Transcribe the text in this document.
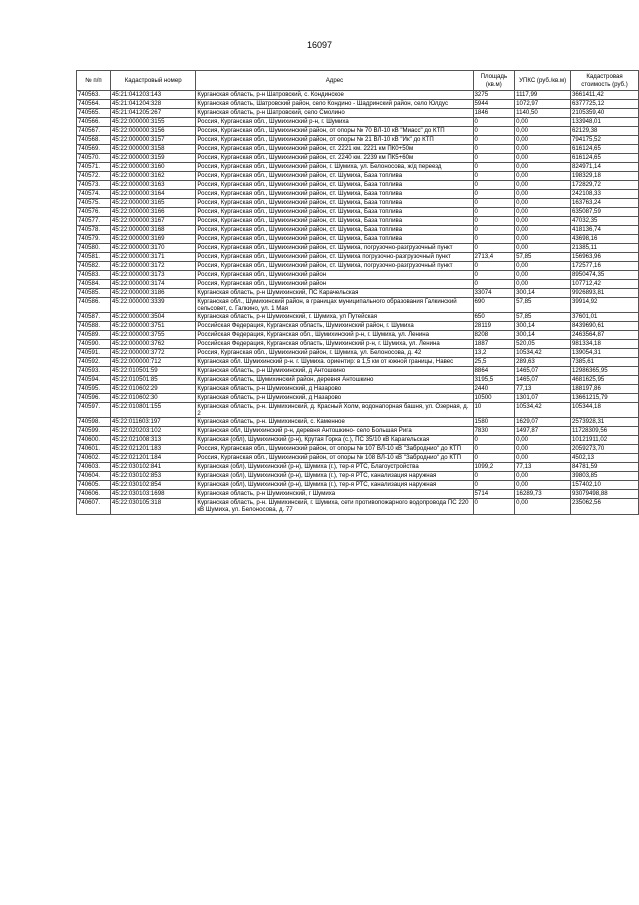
16097
№ п/п	Кадастровый номер	Адрес	Площадь (кв.м)	УПКС (руб./кв.м)	Кадастровая стоимость (руб.)
740563.	45:21:041203:143	Курганская область, р-н Шатровский, с. Кондинское	3275	1117,99	3661411,42
740564.	45:21:041204:328	Курганская область, Шатровский район, село Кондино - Шадринский район, село Юлдус	5944	1072,97	6377725,12
740565.	45:21:041205:267	Курганская область, р-н Шатровский, село Смолино	1846	1140,50	2105359,40
740566.	45:22:000000:3155	Россия, Курганская обл., Шумихинский р-н, г. Шумиха	0	0,00	133948,01
740567.	45:22:000000:3156	Россия, Курганская обл., Шумихинский район, от опоры № 70 ВЛ-10 кВ "Миасс" до КТП	0	0,00	62129,38
740568.	45:22:000000:3157	Россия, Курганская обл., Шумихинский район, от опоры № 21 ВЛ-10 кВ "Ик" до КТП	0	0,00	794175,52
740569.	45:22:000000:3158	Россия, Курганская обл., Шумихинский район, ст. 2221 км. 2221 км ПК0+50м	0	0,00	616124,65
740570.	45:22:000000:3159	Россия, Курганская обл., Шумихинский район, ст. 2240 км. 2239 км ПК5+60м	0	0,00	616124,65
740571.	45:22:000000:3160	Россия, Курганская обл., Шумихинский район, г. Шумиха, ул. Белоносова, ж/д переезд	0	0,00	824971,14
740572.	45:22:000000:3162	Россия, Курганская обл., Шумихинский район, ст. Шумиха, База топлива	0	0,00	198329,18
740573.	45:22:000000:3163	Россия, Курганская обл., Шумихинский район, ст. Шумиха, База топлива	0	0,00	172829,72
740574.	45:22:000000:3164	Россия, Курганская обл., Шумихинский район, ст. Шумиха, База топлива	0	0,00	242108,33
740575.	45:22:000000:3165	Россия, Курганская обл., Шумихинский район, ст. Шумиха, База топлива	0	0,00	163763,24
740576.	45:22:000000:3166	Россия, Курганская обл., Шумихинский район, ст. Шумиха, База топлива	0	0,00	635087,59
740577.	45:22:000000:3167	Россия, Курганская обл., Шумихинский район, ст. Шумиха, База топлива	0	0,00	47032,35
740578.	45:22:000000:3168	Россия, Курганская обл., Шумихинский район, ст. Шумиха, База топлива	0	0,00	418136,74
740579.	45:22:000000:3169	Россия, Курганская обл., Шумихинский район, ст. Шумиха, База топлива	0	0,00	43698,16
740580.	45:22:000000:3170	Россия, Курганская обл., Шумихинский район, ст. Шумиха, погрузочно-разгрузочный пункт	0	0,00	21385,11
740581.	45:22:000000:3171	Россия, Курганская обл., Шумихинский район, ст. Шумиха погрузочно-разгрузочный пункт	2713,4	57,85	156963,96
740582.	45:22:000000:3172	Россия, Курганская обл., Шумихинский район, ст. Шумиха, погрузочно-разгрузочный пункт	0	0,00	172577,16
740583.	45:22:000000:3173	Россия, Курганская обл., Шумихинский район	0	0,00	8950474,35
740584.	45:22:000000:3174	Россия, Курганская обл., Шумихинский район	0	0,00	107712,42
740585.	45:22:000000:3186	Курганская область, р-н Шумихинский, ПС Карачельская	33074	300,14	9926893,81
740586.	45:22:000000:3339	Курганская обл., Шумихинский район, в границах муниципального образования Галкинский сельсовет, с. Галкино, ул. 1 Мая	690	57,85	39914,92
740587.	45:22:000000:3504	Курганская область, р-н Шумихинский, г. Шумиха, ул Путейская	650	57,85	37601,01
740588.	45:22:000000:3751	Российская Федерация, Курганская область, Шумихинский район, г. Шумиха	28119	300,14	8439690,61
740589.	45:22:000000:3755	Российская Федерация, Курганская обл., Шумихинский р-н, г. Шумиха, ул. Ленина	8208	300,14	2463564,87
740590.	45:22:000000:3762	Российская Федерация, Курганская область, Шумихинский р-н, г. Шумиха, ул. Ленина	1887	520,05	981334,18
740591.	45:22:000000:3772	Россия, Курганская обл., Шумихинский район, г. Шумиха, ул. Белоносова, д. 42	13,2	10534,42	139054,31
740592.	45:22:000000:712	Курганская обл. Шумихинский р-н. г. Шумиха. ориентир: в 1,5 км от южной границы, Навес	25,5	289,63	7385,61
740593.	45:22:010501:59	Курганская область, р-н Шумихинский, д Антошкино	8864	1465,07	12986365,95
740594.	45:22:010501:85	Курганская область, Шумихинский район, деревня Антошкино	3195,5	1465,07	4681625,95
740595.	45:22:010602:29	Курганская область, р-н Шумихинский, д Назарово	2440	77,13	188197,86
740596.	45:22:010602:30	Курганская область, р-н Шумихинский, д Назарово	10500	1301,07	13661215,79
740597.	45:22:010801:155	Курганская область, р-н. Шумихинский, д. Красный Холм, водонапорная башня, ул. Озерная, д. 2	10	10534,42	105344,18
740598.	45:22:011603:197	Курганская область, р-н. Шумихинский, с. Каменное	1580	1629,07	2573928,31
740599.	45:22:020203:102	Курганская обл, Шумихинский р-н, деревня Антошкино- село Большая Рига	7830	1497,87	11728309,56
740600.	45:22:021008:313	Курганская (обл), Шумихинский (р-н), Крутая Горка (с.), ПС 35/10 кВ Карагельская	0	0,00	10121911,02
740601.	45:22:021201:183	Россия, Курганская обл., Шумихинский район, от опоры № 107 ВЛ-10 кВ "Заброднио" до КТП	0	0,00	2059273,70
740602.	45:22:021201:184	Россия, Курганская обл., Шумихинский район, от опоры № 108 ВЛ-10 кВ "Заброднио" до КТП	0	0,00	4502,13
740603.	45:22:030102:841	Курганская (обл), Шумихинский (р-н), Шумиха (г.), тер-я РТС, Благоустройства	1099,2	77,13	84781,59
740604.	45:22:030102:853	Курганская (обл), Шумихинский (р-н), Шумиха (г.), тер-я РТС, канализация наружная	0	0,00	39803,85
740605.	45:22:030102:854	Курганская (обл), Шумихинский (р-н), Шумиха (г.), тер-я РТС, канализация наружная	0	0,00	157402,10
740606.	45:22:030103:1698	Курганская область, р-н Шумихинский, г Шумиха	5714	16289,73	93079498,88
740607.	45:22:030105:318	Курганская область, р-н. Шумихинский, г. Шумиха, сети противопожарного водопровода ПС 220 кВ Шумиха, ул. Белоносова, д. 77	0	0,00	235062,56
